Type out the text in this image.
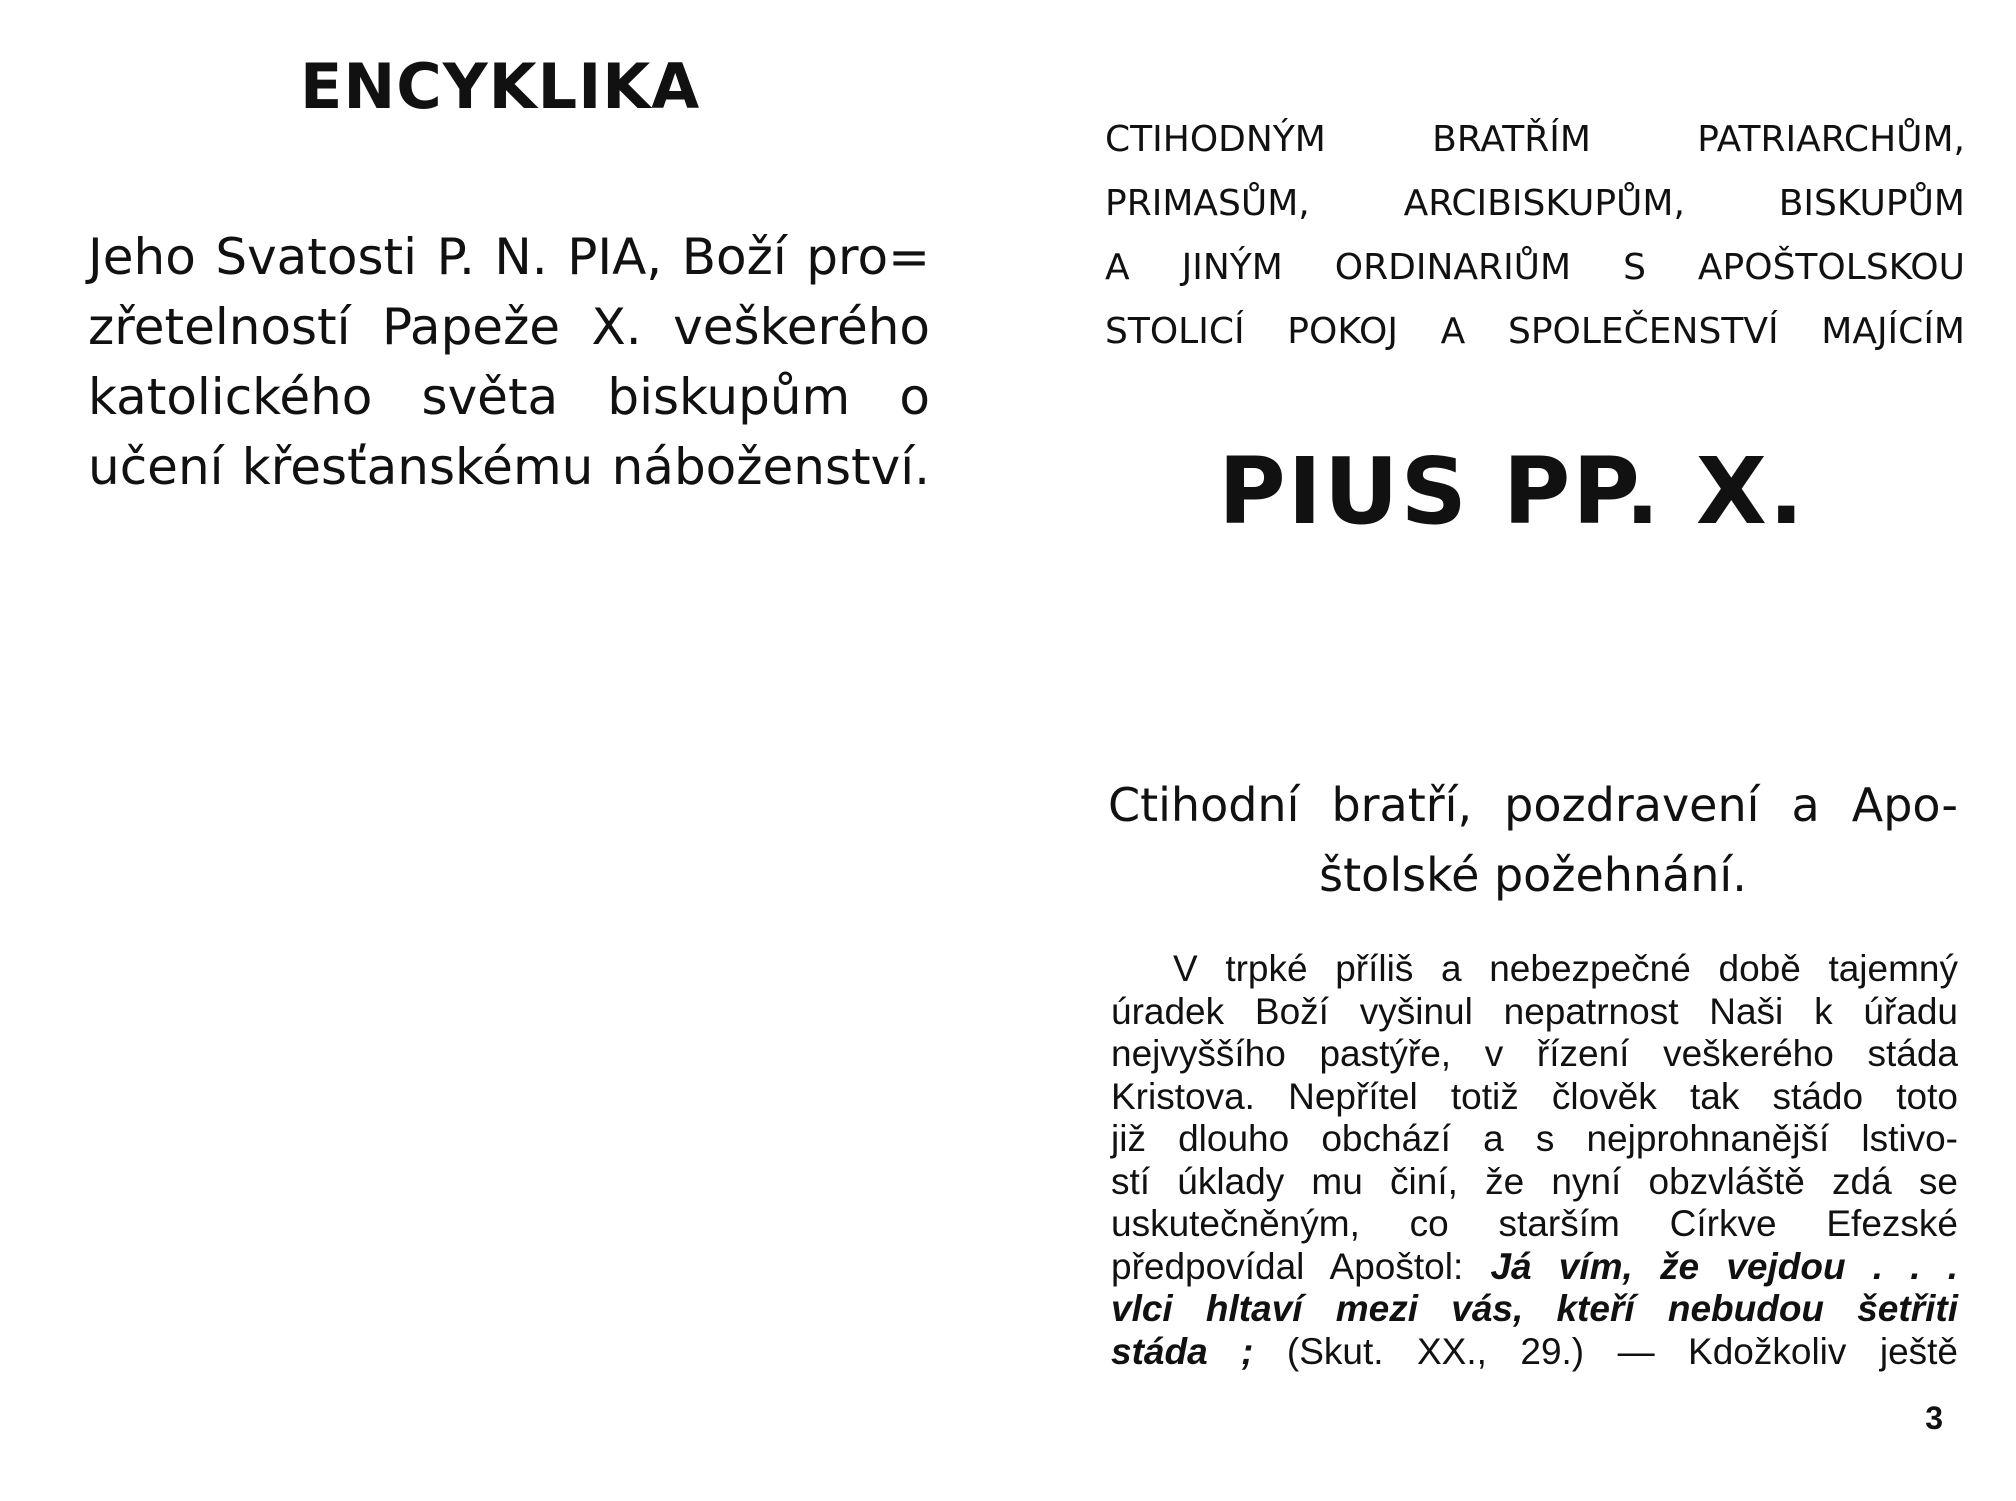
ENCYKLIKA

Jeho Svatosti P. N. PIA, Boží pro=
zřetelností Papeže X. veškerého
katolického světa biskupům o
učení křesťanskému náboženství.

CTIHODNÝM BRATŘÍM PATRIARCHŮM,
PRIMASŮM, ARCIBISKUPŮM, BISKUPŮM
A JINÝM ORDINARIŮM S APOŠTOLSKOU
STOLICÍ POKOJ A SPOLEČENSTVÍ MAJÍCÍM

PIUS PP. X.

Ctihodní bratří, pozdravení a Apo-
štolské požehnání.

V trpké příliš a nebezpečné době tajemný
úradek Boží vyšinul nepatrnost Naši k úřadu
nejvyššího pastýře, v řízení veškerého stáda
Kristova. Nepřítel totiž člověk tak stádo toto
již dlouho obchází a s nejprohnanější lstivo-
stí úklady mu činí, že nyní obzvláště zdá se
uskutečněným, co starším Církve Efezské
předpovídal Apoštol: Já vím, že vejdou . . .
vlci hltaví mezi vás, kteří nebudou šetřiti
stáda ; (Skut. XX., 29.) — Kdožkoliv ještě

3
